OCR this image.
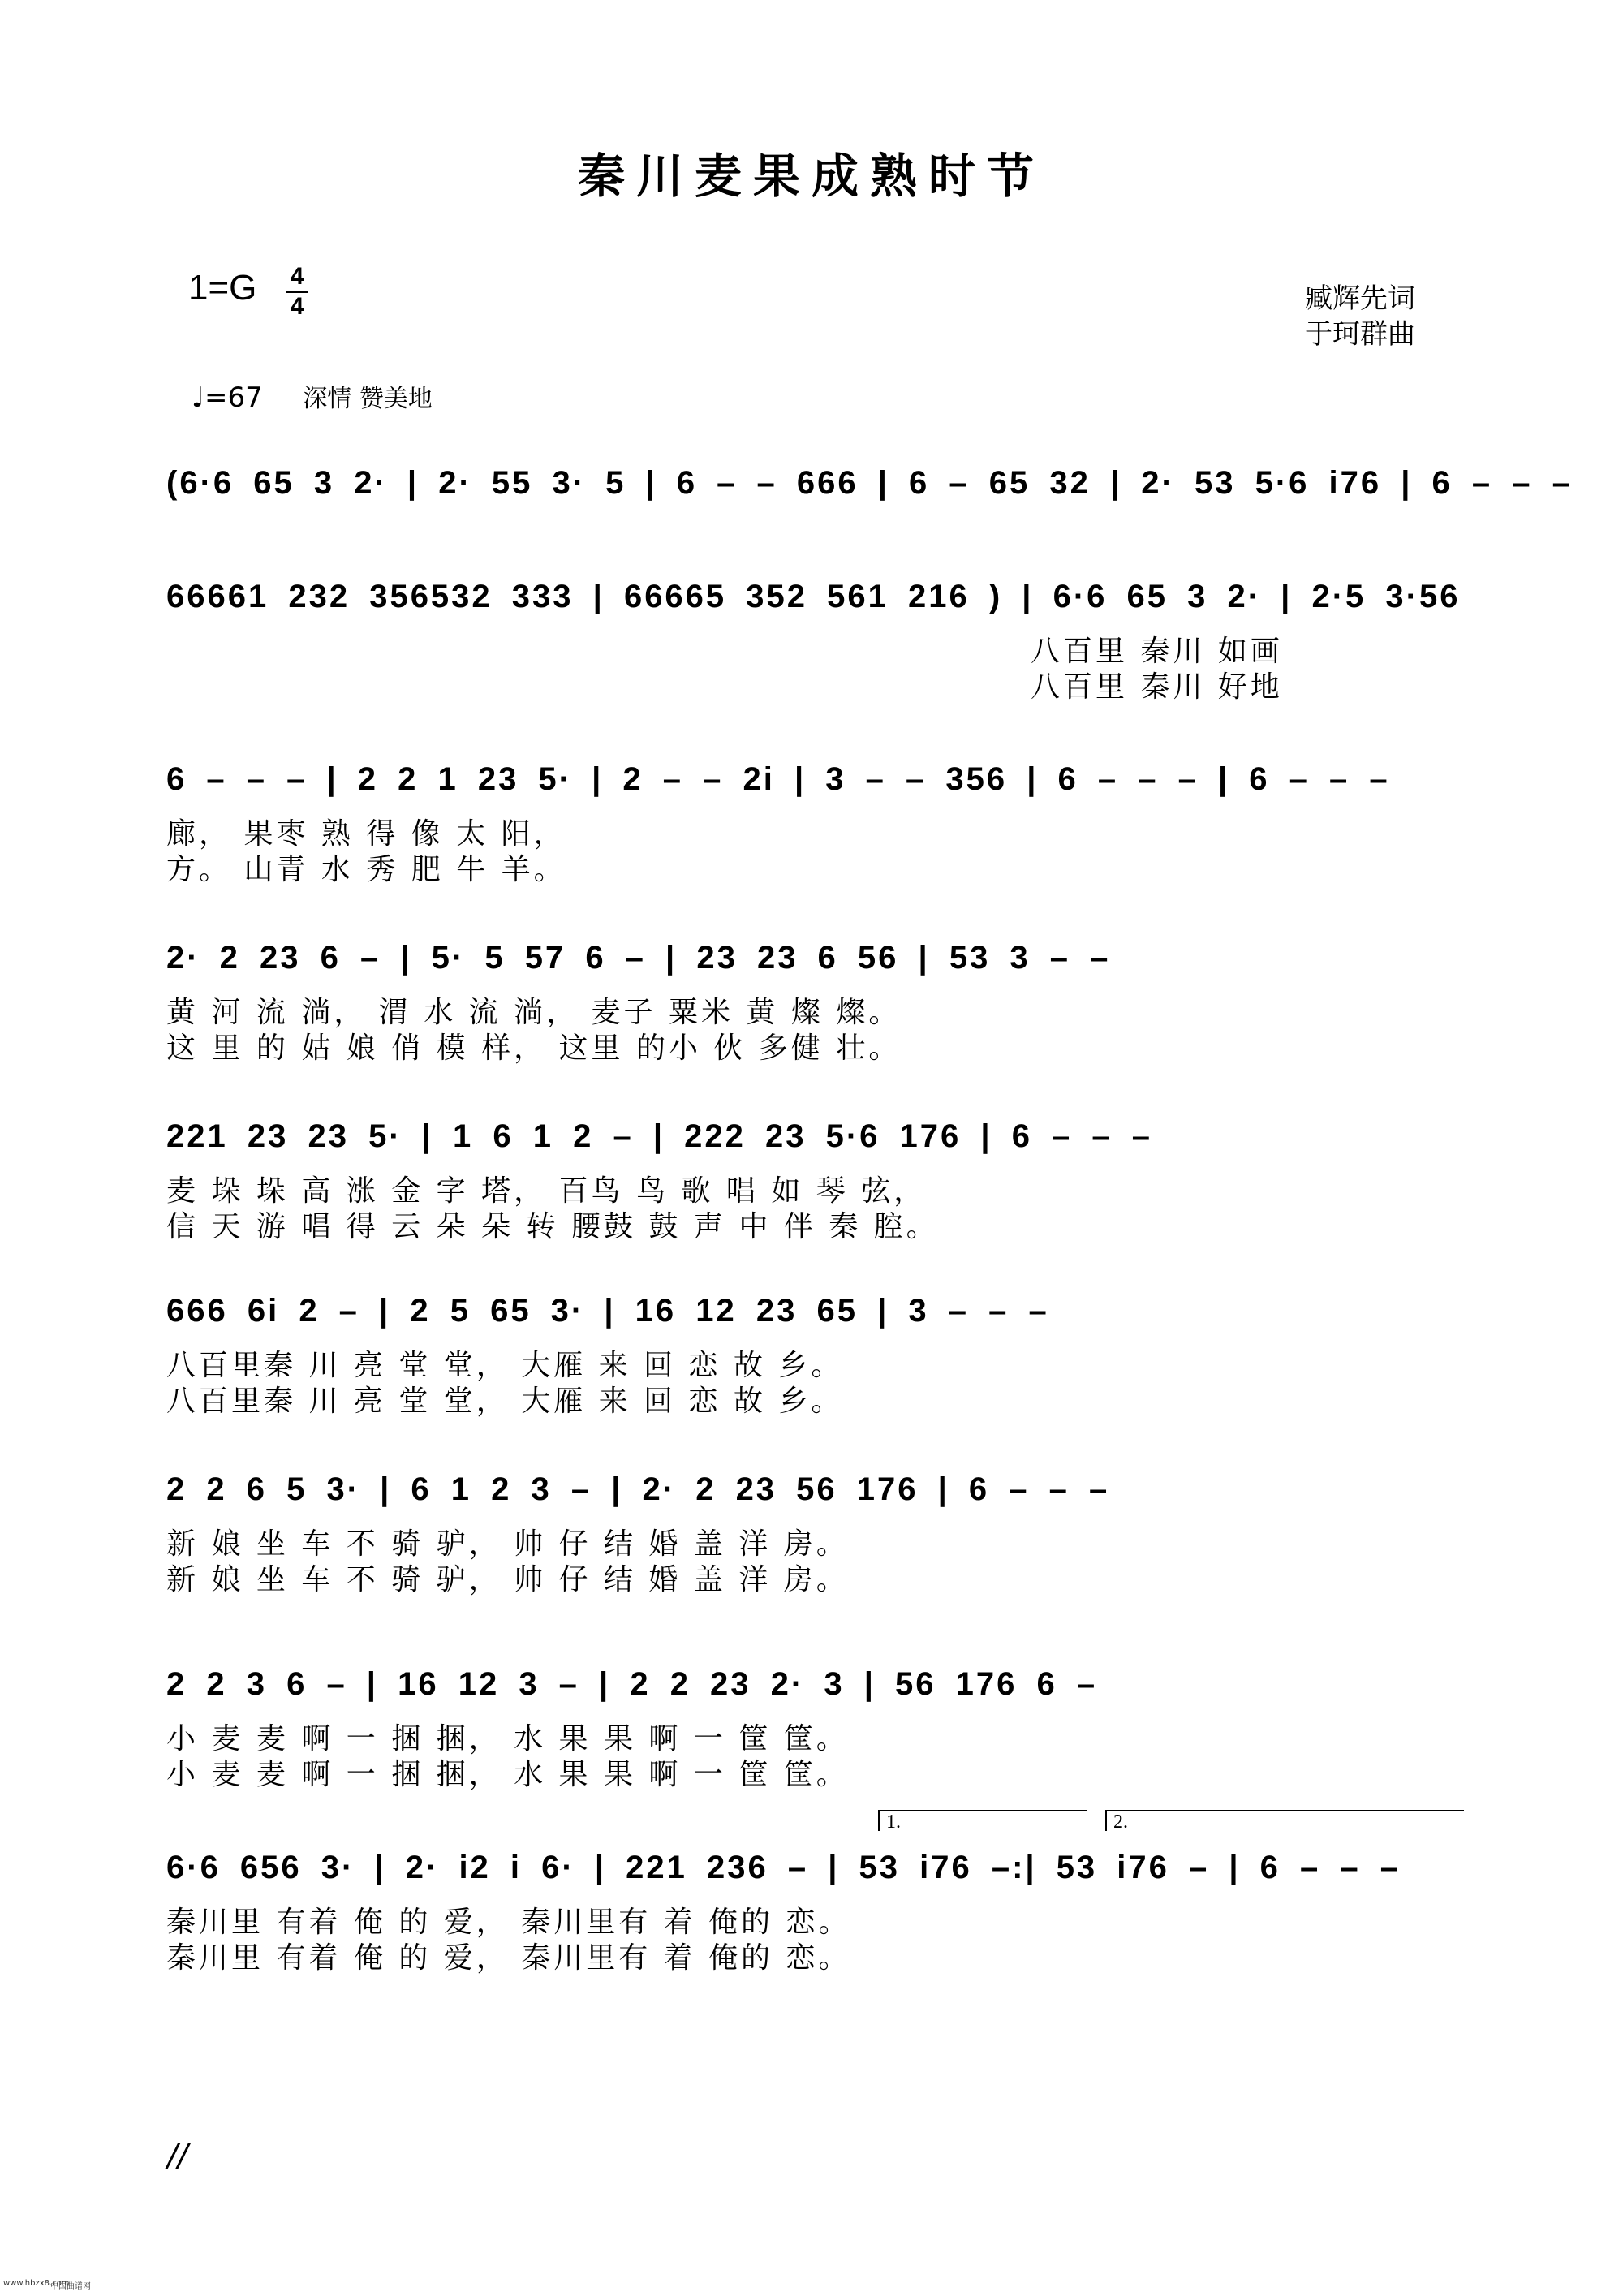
秦川麦果成熟时节
1=G 4
4	臧辉先词
于珂群曲
♩=67 深情 赞美地
(6·6 65 3 2· | 2· 55 3· 5 | 6 – – 666 | 6 – 65 32 | 2· 53 5·6 i76 | 6 – – –
66661 232 356532 333 | 66665 352 561 216 ) | 6·6 65 3 2· | 2·5 3·56
八百里 秦川 如画
八百里 秦川 好地
6 – – – | 2 2 1 23 5· | 2 – – 2i | 3 – – 356 | 6 – – – | 6 – – –
廊， 果枣 熟 得 像 太 阳，
方。 山青 水 秀 肥 牛 羊。
2· 2 23 6 – | 5· 5 57 6 – | 23 23 6 56 | 53 3 – –
黄 河 流 淌， 渭 水 流 淌， 麦子 粟米 黄 燦 燦。
这 里 的 姑 娘 俏 模 样， 这里 的小 伙 多健 壮。
221 23 23 5· | 1 6 1 2 – | 222 23 5·6 176 | 6 – – –
麦 垛 垛 高 涨 金 字 塔， 百鸟 鸟 歌 唱 如 琴 弦，
信 天 游 唱 得 云 朵 朵 转 腰鼓 鼓 声 中 伴 秦 腔。
666 6i 2 – | 2 5 65 3· | 16 12 23 65 | 3 – – –
八百里秦 川 亮 堂 堂， 大雁 来 回 恋 故 乡。
八百里秦 川 亮 堂 堂， 大雁 来 回 恋 故 乡。
2 2 6 5 3· | 6 1 2 3 – | 2· 2 23 56 176 | 6 – – –
新 娘 坐 车 不 骑 驴， 帅 仔 结 婚 盖 洋 房。
新 娘 坐 车 不 骑 驴， 帅 仔 结 婚 盖 洋 房。
2 2 3 6 – | 16 12 3 – | 2 2 23 2· 3 | 56 176 6 –
小 麦 麦 啊 一 捆 捆， 水 果 果 啊 一 筐 筐。
小 麦 麦 啊 一 捆 捆， 水 果 果 啊 一 筐 筐。
1.	2.
6·6 656 3· | 2· i2 i 6· | 221 236 – | 53 i76 –:| 53 i76 – | 6 – – –
秦川里 有着 俺 的 爱， 秦川里有 着 俺的 恋。
秦川里 有着 俺 的 爱， 秦川里有 着 俺的 恋。
//
www.hbzx8.com
中国曲谱网
